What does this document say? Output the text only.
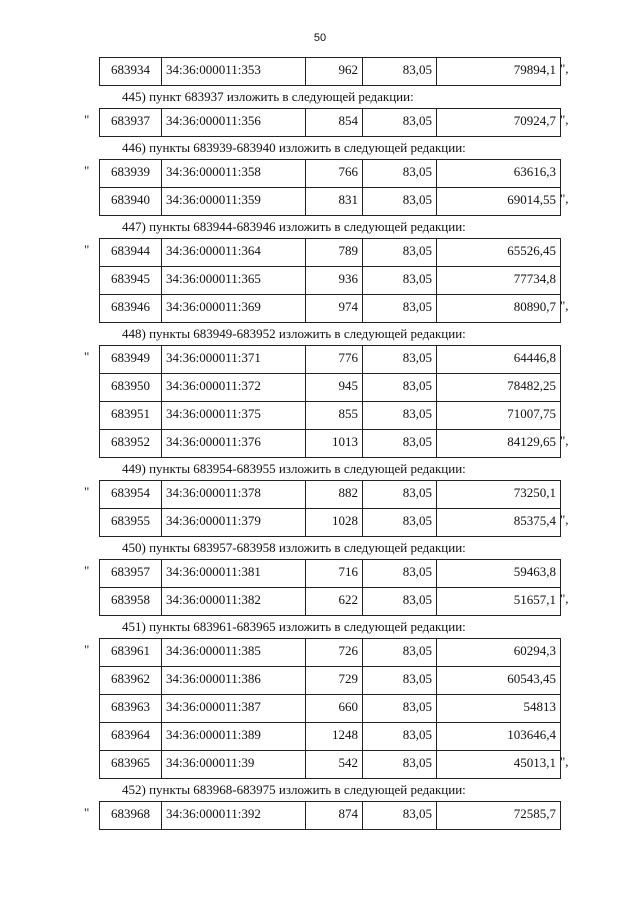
50
683934	34:36:000011:353	962	83,05	79894,1 ",
445) пункт 683937 изложить в следующей редакции:
" 683937	34:36:000011:356	854	83,05	70924,7 ",
446) пункты 683939-683940 изложить в следующей редакции:
" 683939	34:36:000011:358	766	83,05	63616,3
683940	34:36:000011:359	831	83,05	69014,55 ",
447) пункты 683944-683946 изложить в следующей редакции:
" 683944	34:36:000011:364	789	83,05	65526,45
683945	34:36:000011:365	936	83,05	77734,8
683946	34:36:000011:369	974	83,05	80890,7 ",
448) пункты 683949-683952 изложить в следующей редакции:
" 683949	34:36:000011:371	776	83,05	64446,8
683950	34:36:000011:372	945	83,05	78482,25
683951	34:36:000011:375	855	83,05	71007,75
683952	34:36:000011:376	1013	83,05	84129,65 ",
449) пункты 683954-683955 изложить в следующей редакции:
" 683954	34:36:000011:378	882	83,05	73250,1
683955	34:36:000011:379	1028	83,05	85375,4 ",
450) пункты 683957-683958 изложить в следующей редакции:
" 683957	34:36:000011:381	716	83,05	59463,8
683958	34:36:000011:382	622	83,05	51657,1 ",
451) пункты 683961-683965 изложить в следующей редакции:
" 683961	34:36:000011:385	726	83,05	60294,3
683962	34:36:000011:386	729	83,05	60543,45
683963	34:36:000011:387	660	83,05	54813
683964	34:36:000011:389	1248	83,05	103646,4
683965	34:36:000011:39	542	83,05	45013,1 ",
452) пункты 683968-683975 изложить в следующей редакции:
" 683968	34:36:000011:392	874	83,05	72585,7
